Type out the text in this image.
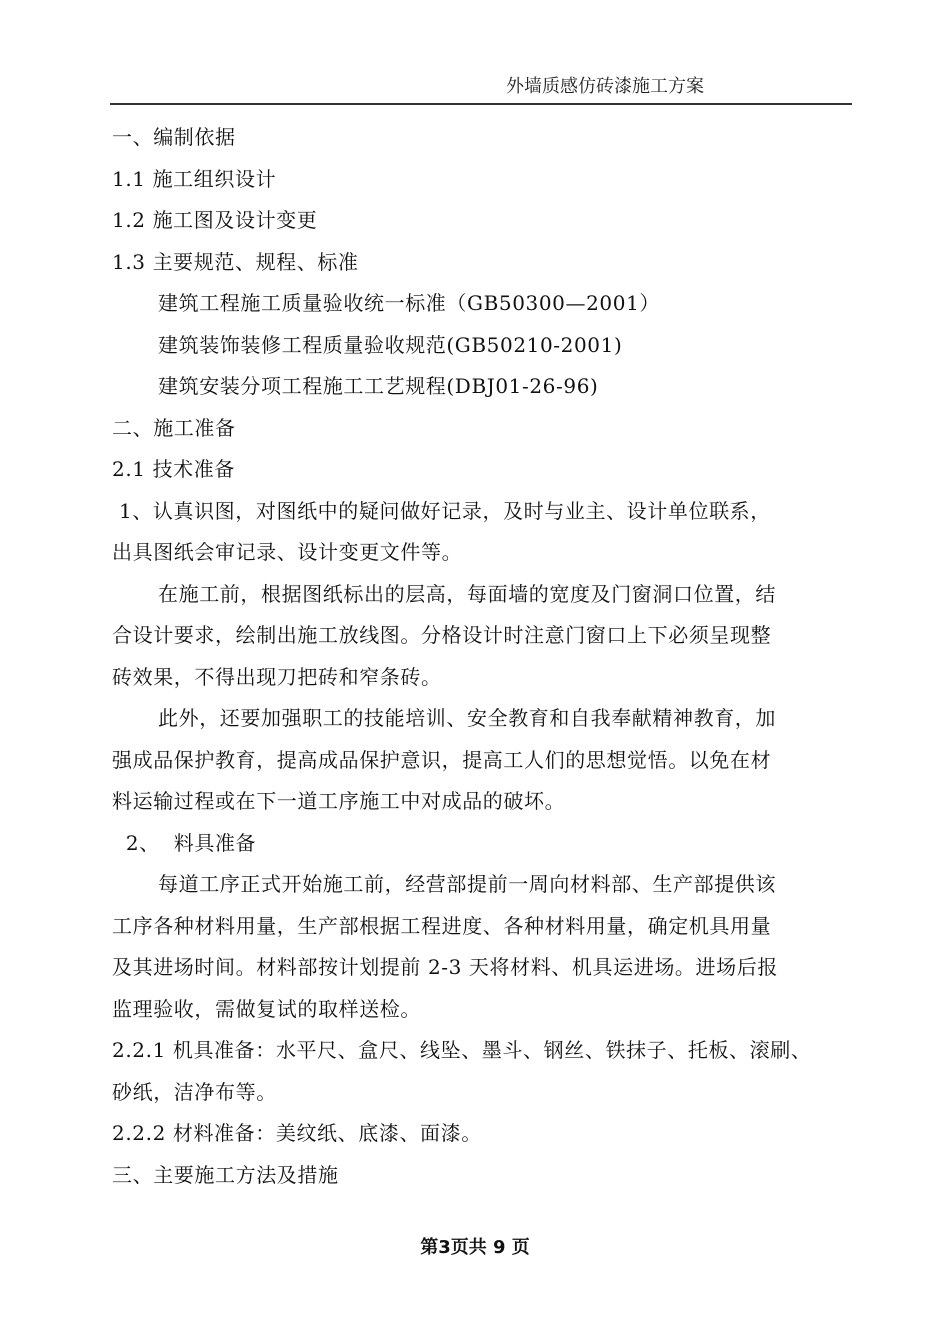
外墙质感仿砖漆施工方案

一、编制依据

1.1 施工组织设计

1.2 施工图及设计变更

1.3 主要规范、规程、标准

建筑工程施工质量验收统一标准（GB50300—2001）

建筑装饰装修工程质量验收规范(GB50210-2001)

建筑安装分项工程施工工艺规程(DBJ01-26-96)

二、施工准备

2.1 技术准备

1、认真识图，对图纸中的疑问做好记录，及时与业主、设计单位联系，

出具图纸会审记录、设计变更文件等。

在施工前，根据图纸标出的层高，每面墙的宽度及门窗洞口位置，结

合设计要求，绘制出施工放线图。分格设计时注意门窗口上下必须呈现整

砖效果，不得出现刀把砖和窄条砖。

此外，还要加强职工的技能培训、安全教育和自我奉献精神教育，加

强成品保护教育，提高成品保护意识，提高工人们的思想觉悟。以免在材

料运输过程或在下一道工序施工中对成品的破坏。

2、  料具准备

每道工序正式开始施工前，经营部提前一周向材料部、生产部提供该

工序各种材料用量，生产部根据工程进度、各种材料用量，确定机具用量

及其进场时间。材料部按计划提前 2-3 天将材料、机具运进场。进场后报

监理验收，需做复试的取样送检。

2.2.1 机具准备：水平尺、盒尺、线坠、墨斗、钢丝、铁抹子、托板、滚刷、

砂纸，洁净布等。

2.2.2 材料准备：美纹纸、底漆、面漆。

三、主要施工方法及措施

第3页共 9 页
